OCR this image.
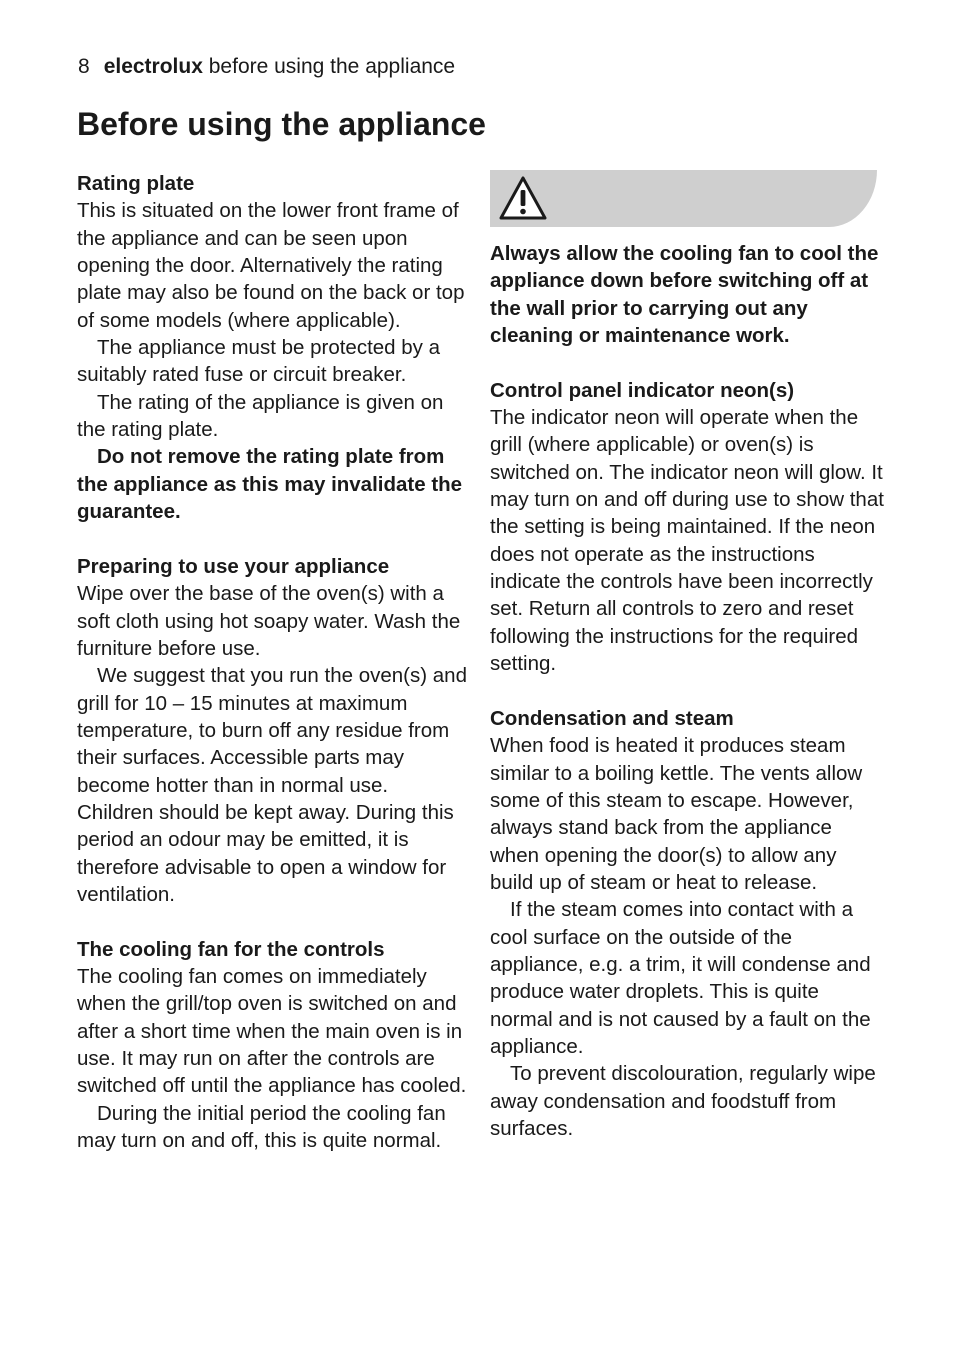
8 electrolux before using the appliance
Before using the appliance
Rating plate

This is situated on the lower front frame of the appliance and can be seen upon opening the door. Alternatively the rating plate may also be found on the back or top of some models (where applicable).

The appliance must be protected by a suitably rated fuse or circuit breaker.

The rating of the appliance is given on the rating plate.

Do not remove the rating plate from the appliance as this may invalidate the guarantee.

Preparing to use your appliance

Wipe over the base of the oven(s) with a soft cloth using hot soapy water. Wash the furniture before use.

We suggest that you run the oven(s) and grill for 10 – 15 minutes at maximum temperature, to burn off any residue from their surfaces. Accessible parts may become hotter than in normal use. Children should be kept away. During this period an odour may be emitted, it is therefore advisable to open a window for ventilation.

The cooling fan for the controls

The cooling fan comes on immediately when the grill/top oven is switched on and after a short time when the main oven is in use. It may run on after the controls are switched off until the appliance has cooled.

During the initial period the cooling fan may turn on and off, this is quite normal.

Always allow the cooling fan to cool the appliance down before switching off at the wall prior to carrying out any cleaning or maintenance work.

Control panel indicator neon(s)

The indicator neon will operate when the grill (where applicable) or oven(s) is switched on. The indicator neon will glow. It may turn on and off during use to show that the setting is being maintained. If the neon does not operate as the instructions indicate the controls have been incorrectly set. Return all controls to zero and reset following the instructions for the required setting.

Condensation and steam

When food is heated it produces steam similar to a boiling kettle. The vents allow some of this steam to escape. However, always stand back from the appliance when opening the door(s) to allow any build up of steam or heat to release.

If the steam comes into contact with a cool surface on the outside of the appliance, e.g. a trim, it will condense and produce water droplets. This is quite normal and is not caused by a fault on the appliance.

To prevent discolouration, regularly wipe away condensation and foodstuff from surfaces.
